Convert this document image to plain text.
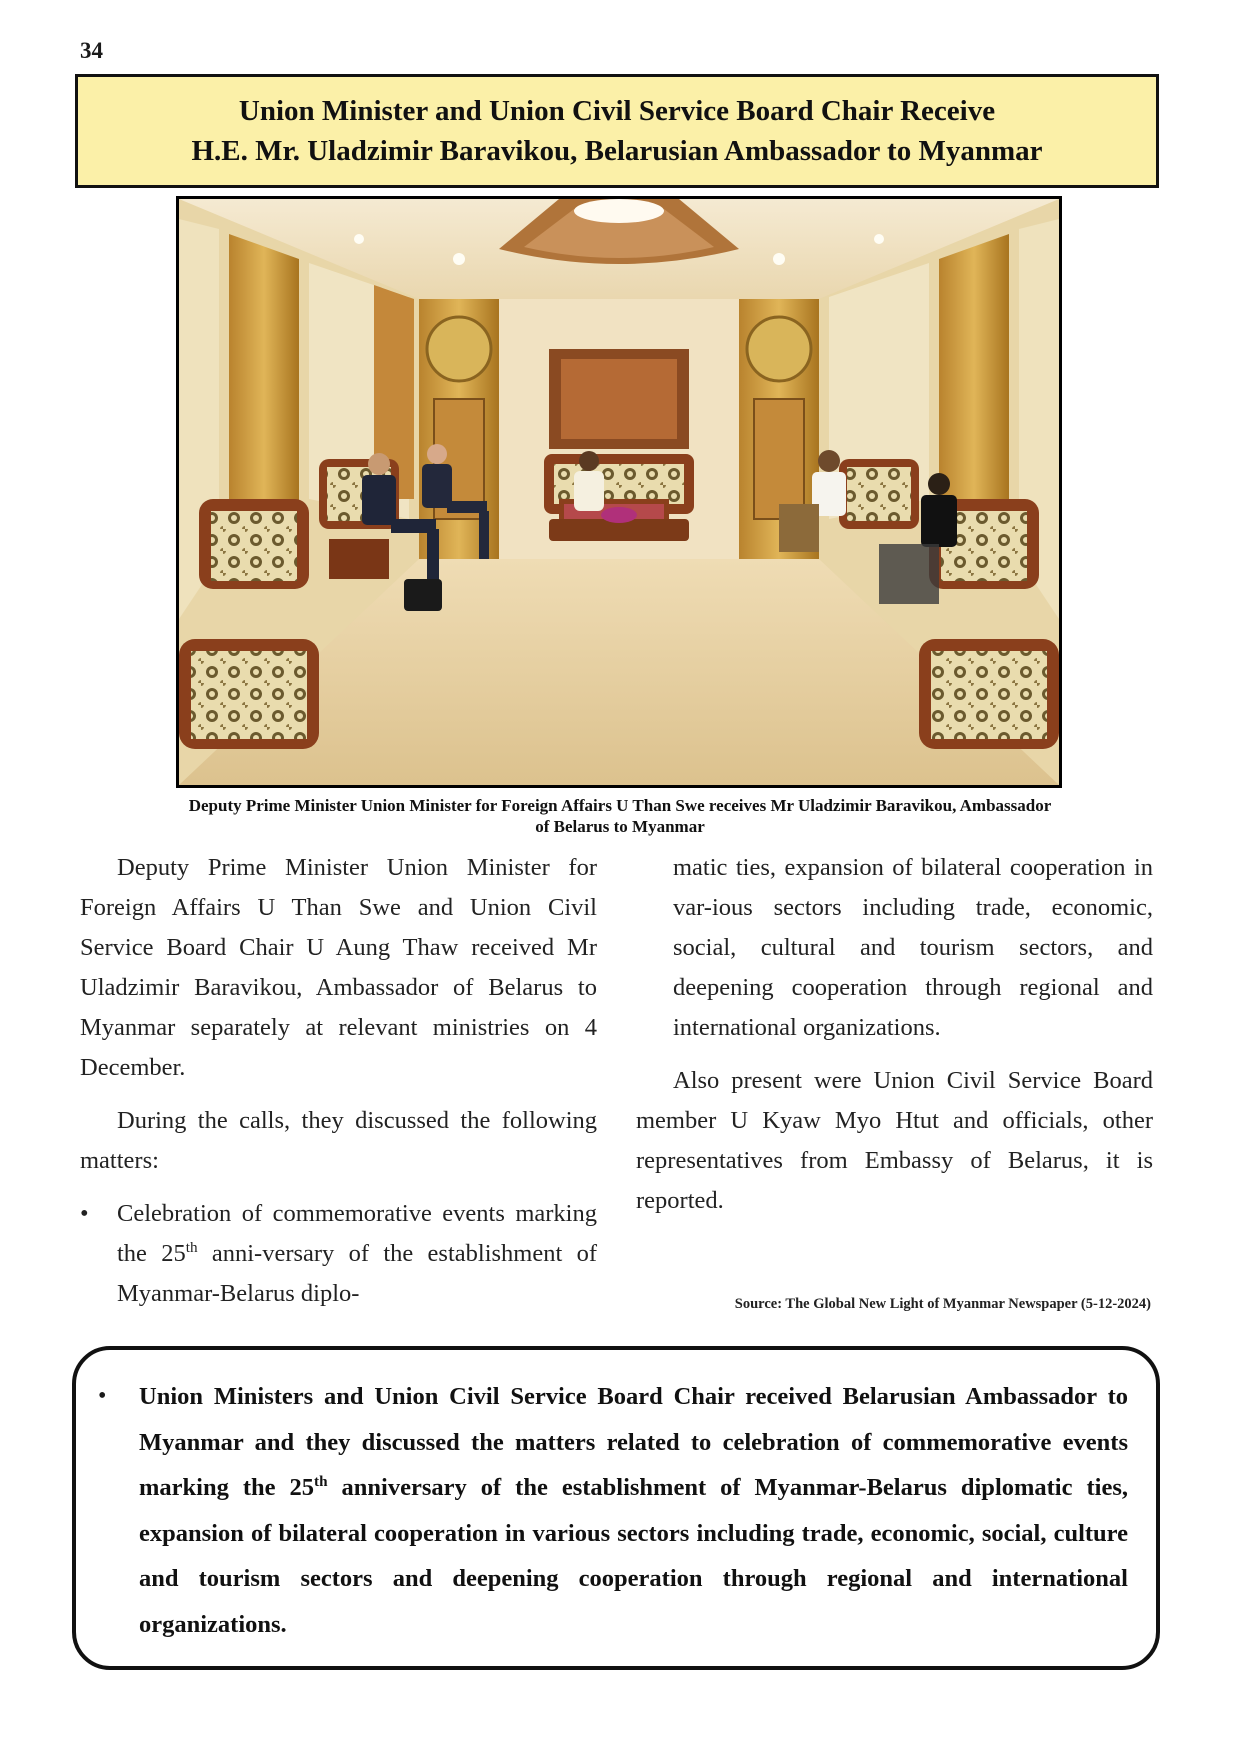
34
Union Minister and Union Civil Service Board Chair Receive
H.E. Mr. Uladzimir Baravikou, Belarusian Ambassador to Myanmar
Deputy Prime Minister Union Minister for Foreign Affairs U Than Swe receives Mr Uladzimir Baravikou, Ambassador
of Belarus to Myanmar

Deputy Prime Minister Union Minister for Foreign Affairs U Than Swe and Union Civil Service Board Chair U Aung Thaw received Mr Uladzimir Baravikou, Ambassador of Belarus to Myanmar separately at relevant ministries on 4 December.

During the calls, they discussed the following matters:

•	Celebration of commemorative events marking the 25th anni-versary of the establishment of Myanmar-Belarus diplo-

matic ties, expansion of bilateral cooperation in var-ious sectors including trade, economic, social, cultural and tourism sectors, and deepening cooperation through regional and international organizations.

Also present were Union Civil Service Board member U Kyaw Myo Htut and officials, other representatives from Embassy of Belarus, it is reported.

Source: The Global New Light of Myanmar Newspaper (5-12-2024)
•	Union Ministers and Union Civil Service Board Chair received Belarusian Ambassador to Myanmar and they discussed the matters related to celebration of commemorative events marking the 25th anniversary of the establishment of Myanmar-Belarus diplomatic ties, expansion of bilateral cooperation in various sectors including trade, economic, social, culture and tourism sectors and deepening cooperation through regional and international organizations.
